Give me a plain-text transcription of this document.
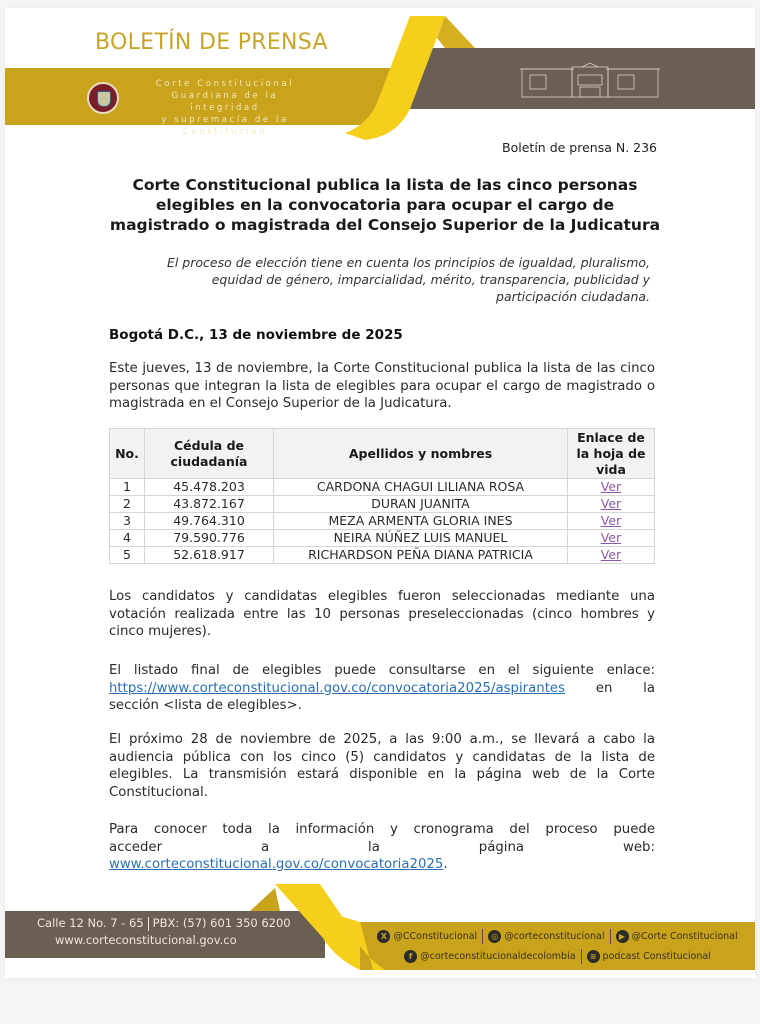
BOLETÍN DE PRENSA
Corte Constitucional
Guardiana de la integridad
y supremacía de la Constitución
Boletín de prensa N. 236
Corte Constitucional publica la lista de las cinco personas elegibles en la convocatoria para ocupar el cargo de magistrado o magistrada del Consejo Superior de la Judicatura
El proceso de elección tiene en cuenta los principios de igualdad, pluralismo, equidad de género, imparcialidad, mérito, transparencia, publicidad y participación ciudadana.
Bogotá D.C., 13 de noviembre de 2025
Este jueves, 13 de noviembre, la Corte Constitucional publica la lista de las cinco personas que integran la lista de elegibles para ocupar el cargo de magistrado o magistrada en el Consejo Superior de la Judicatura.
No.	Cédula de ciudadanía	Apellidos y nombres	Enlace de la hoja de vida
1	45.478.203	CARDONA CHAGUI LILIANA ROSA	Ver
2	43.872.167	DURAN JUANITA	Ver
3	49.764.310	MEZA ARMENTA GLORIA INES	Ver
4	79.590.776	NEIRA NÚÑEZ LUIS MANUEL	Ver
5	52.618.917	RICHARDSON PEÑA DIANA PATRICIA	Ver
Los candidatos y candidatas elegibles fueron seleccionadas mediante una votación realizada entre las 10 personas preseleccionadas (cinco hombres y cinco mujeres).
El listado final de elegibles puede consultarse en el siguiente enlace: https://www.corteconstitucional.gov.co/convocatoria2025/aspirantes en la sección <lista de elegibles>.
El próximo 28 de noviembre de 2025, a las 9:00 a.m., se llevará a cabo la audiencia pública con los cinco (5) candidatos y candidatas de la lista de elegibles. La transmisión estará disponible en la página web de la Corte Constitucional.
Para conocer toda la información y cronograma del proceso puede
acceder	a	la	página	web:
www.corteconstitucional.gov.co/convocatoria2025.
Calle 12 No. 7 - 65 PBX: (57) 601 350 6200
www.corteconstitucional.gov.co	X @CConstitucional	◎ @corteconstitucional	▶ @Corte Constitucional
f @corteconstitucionaldecolombia	≋ podcast Constitucional
